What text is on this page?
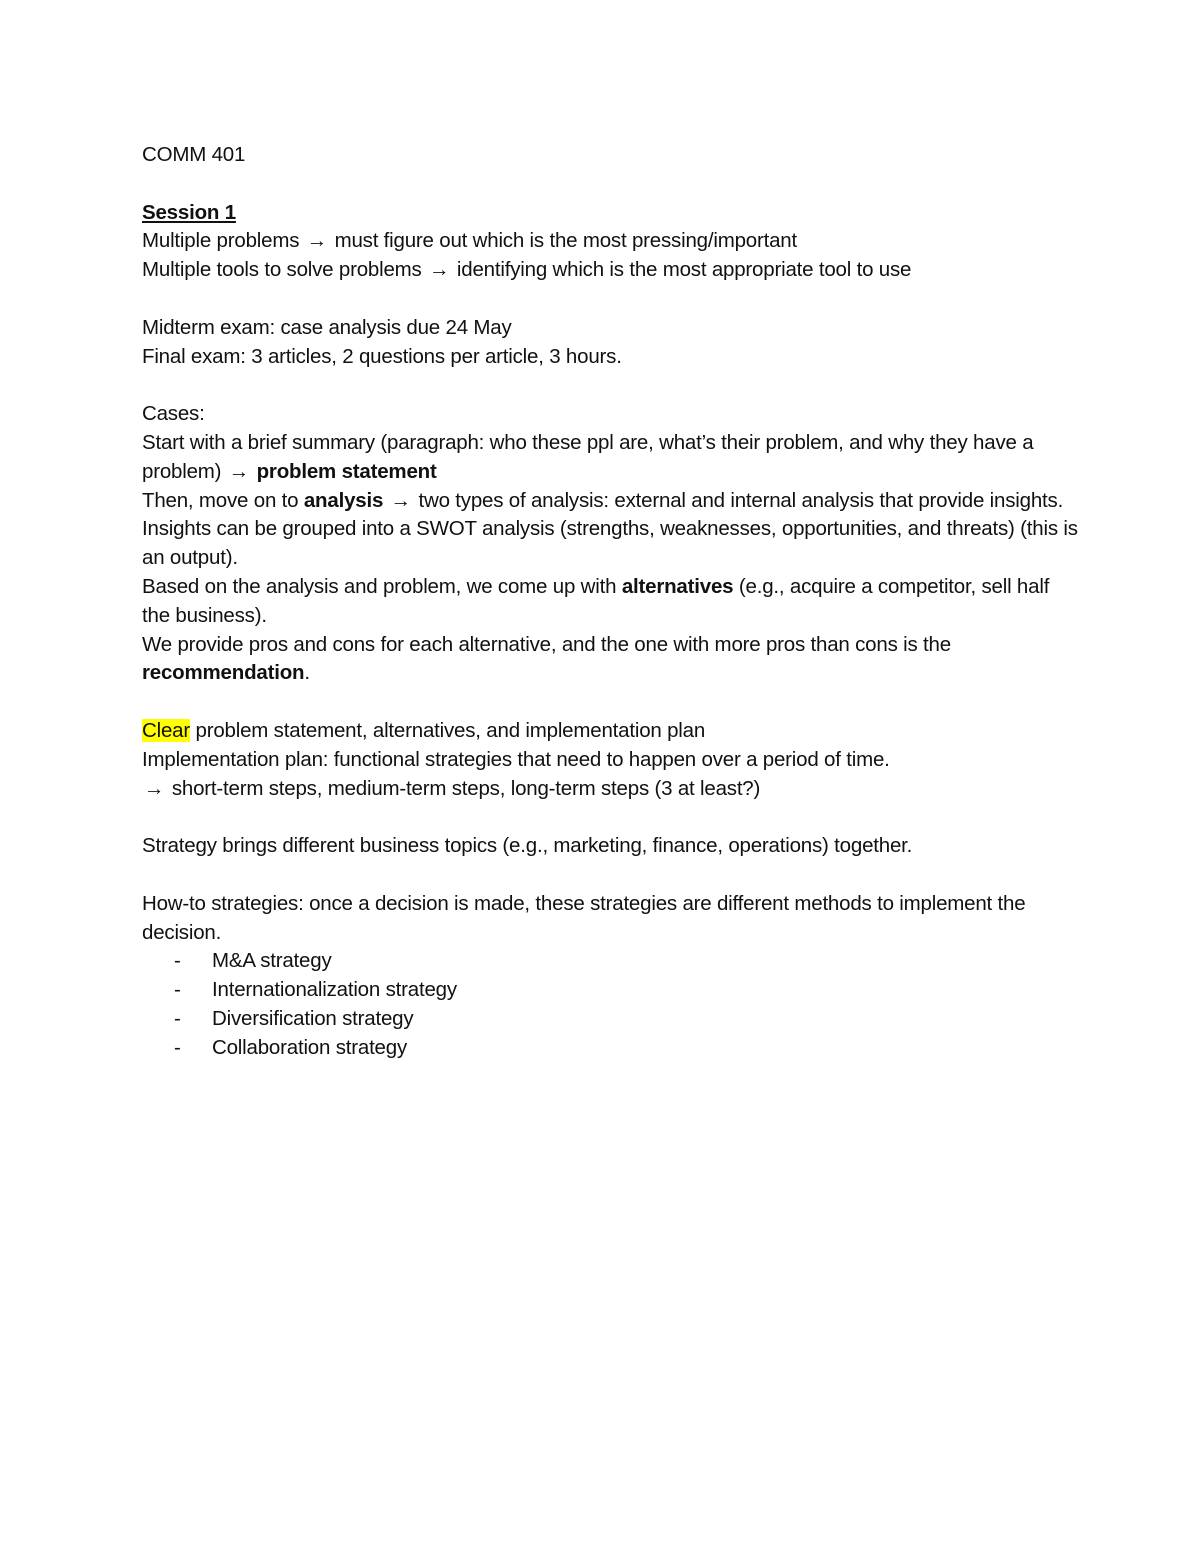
COMM 401
Session 1
Multiple problems → must figure out which is the most pressing/important
Multiple tools to solve problems → identifying which is the most appropriate tool to use
Midterm exam: case analysis due 24 May
Final exam: 3 articles, 2 questions per article, 3 hours.
Cases:
Start with a brief summary (paragraph: who these ppl are, what’s their problem, and why they have a problem) → problem statement
Then, move on to analysis → two types of analysis: external and internal analysis that provide insights.
Insights can be grouped into a SWOT analysis (strengths, weaknesses, opportunities, and threats) (this is an output).
Based on the analysis and problem, we come up with alternatives (e.g., acquire a competitor, sell half the business).
We provide pros and cons for each alternative, and the one with more pros than cons is the recommendation.
Clear problem statement, alternatives, and implementation plan
Implementation plan: functional strategies that need to happen over a period of time.
→ short-term steps, medium-term steps, long-term steps (3 at least?)
Strategy brings different business topics (e.g., marketing, finance, operations) together.
How-to strategies: once a decision is made, these strategies are different methods to implement the decision.
- M&A strategy
- Internationalization strategy
- Diversification strategy
- Collaboration strategy
